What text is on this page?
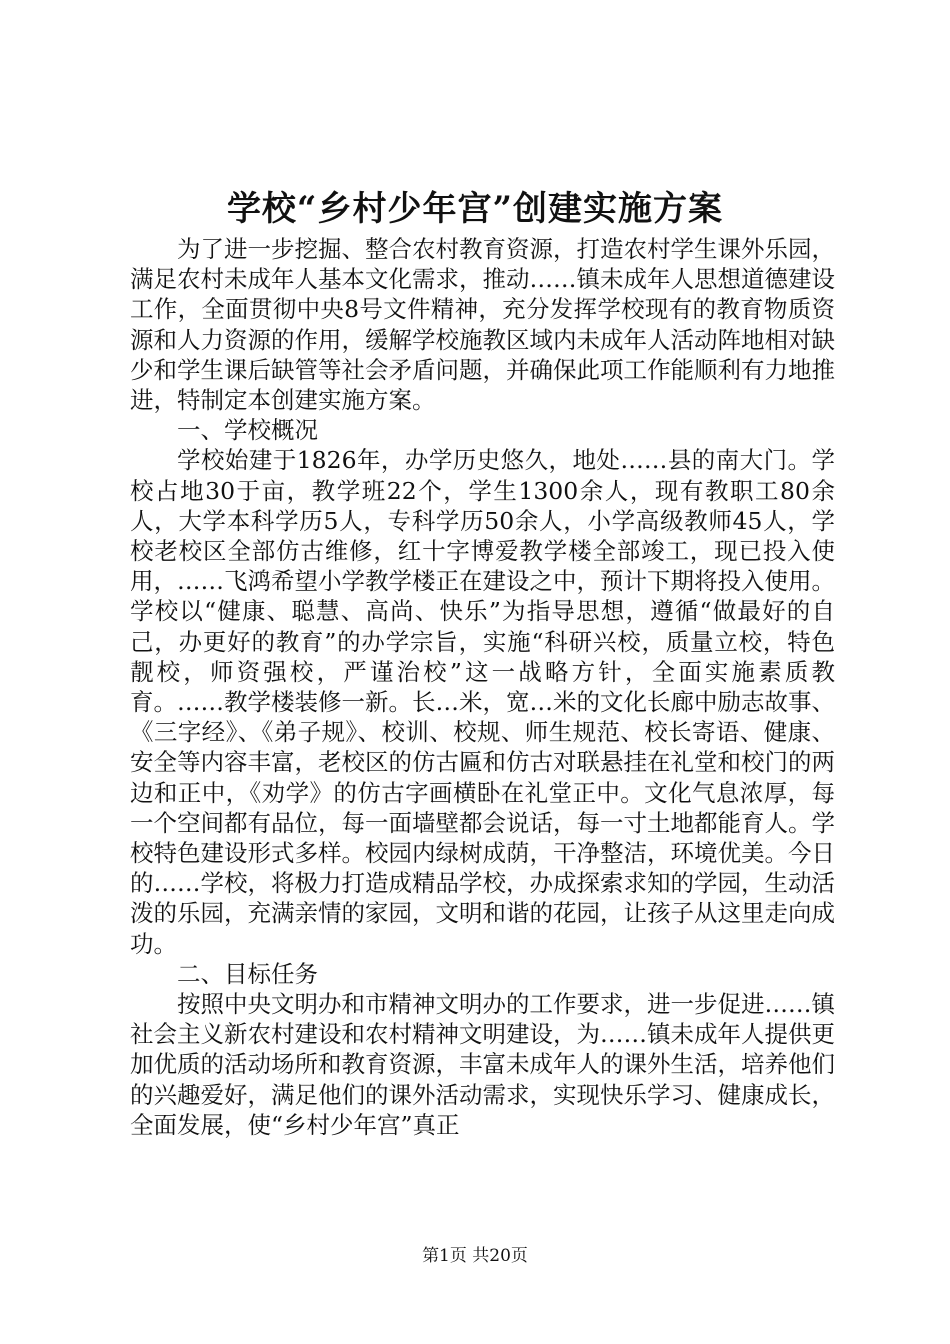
学校“乡村少年宫”创建实施方案

为了进一步挖掘、整合农村教育资源，打造农村学生课外乐园，满足农村未成年人基本文化需求，推动……镇未成年人思想道德建设工作，全面贯彻中央8号文件精神，充分发挥学校现有的教育物质资源和人力资源的作用，缓解学校施教区域内未成年人活动阵地相对缺少和学生课后缺管等社会矛盾问题，并确保此项工作能顺利有力地推进，特制定本创建实施方案。

一、学校概况

学校始建于1826年，办学历史悠久，地处……县的南大门。学校占地30于亩，教学班22个，学生1300余人，现有教职工80余人，大学本科学历5人，专科学历50余人，小学高级教师45人，学校老校区全部仿古维修，红十字博爱教学楼全部竣工，现已投入使用，……飞鸿希望小学教学楼正在建设之中，预计下期将投入使用。学校以“健康、聪慧、高尚、快乐”为指导思想，遵循“做最好的自己，办更好的教育”的办学宗旨，实施“科研兴校，质量立校，特色靓校，师资强校，严谨治校”这一战略方针，全面实施素质教育。……教学楼装修一新。长…米，宽…米的文化长廊中励志故事、《三字经》、《弟子规》、校训、校规、师生规范、校长寄语、健康、安全等内容丰富，老校区的仿古匾和仿古对联悬挂在礼堂和校门的两边和正中，《劝学》的仿古字画横卧在礼堂正中。文化气息浓厚，每一个空间都有品位，每一面墙壁都会说话，每一寸土地都能育人。学校特色建设形式多样。校园内绿树成荫，干净整洁，环境优美。今日的……学校，将极力打造成精品学校，办成探索求知的学园，生动活泼的乐园，充满亲情的家园，文明和谐的花园，让孩子从这里走向成功。

二、目标任务

按照中央文明办和市精神文明办的工作要求，进一步促进……镇社会主义新农村建设和农村精神文明建设，为……镇未成年人提供更加优质的活动场所和教育资源，丰富未成年人的课外生活，培养他们的兴趣爱好，满足他们的课外活动需求，实现快乐学习、健康成长，全面发展，使“乡村少年宫”真正

第1页 共20页
